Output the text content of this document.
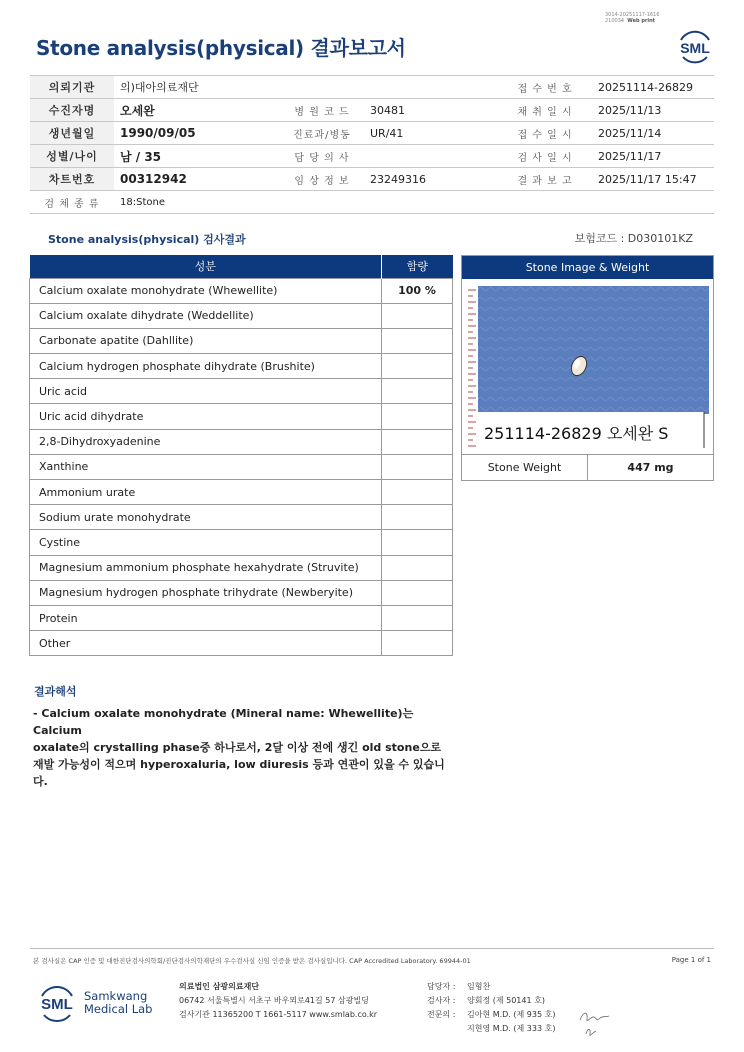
3014-20251117-1616
210034 Web print
Stone analysis(physical) 결과보고서	SML
의뢰기관	의)대아의료재단			접 수 번 호	20251114-26829
수진자명	오세완	병 원 코 드	30481	채 취 일 시	2025/11/13
생년월일	1990/09/05	진료과/병동	UR/41	접 수 일 시	2025/11/14
성별/나이	남 / 35	담 당 의 사		검 사 일 시	2025/11/17
차트번호	00312942	임 상 정 보	23249316	결 과 보 고	2025/11/17 15:47
검 체 종 류	18:Stone				
Stone analysis(physical) 검사결과	보험코드 : D030101KZ
성분	함량
Calcium oxalate monohydrate (Whewellite)	100 %
Calcium oxalate dihydrate (Weddellite)	
Carbonate apatite (Dahllite)	
Calcium hydrogen phosphate dihydrate (Brushite)	
Uric acid	
Uric acid dihydrate	
2,8-Dihydroxyadenine	
Xanthine	
Ammonium urate	
Sodium urate monohydrate	
Cystine	
Magnesium ammonium phosphate hexahydrate (Struvite)	
Magnesium hydrogen phosphate trihydrate (Newberyite)	
Protein	
Other	
Stone Image & Weight
251114-26829 오세완 S
Stone Weight	447 mg
결과해석
- Calcium oxalate monohydrate (Mineral name: Whewellite)는 Calcium
oxalate의 crystalling phase중 하나로서, 2달 이상 전에 생긴 old stone으로
재발 가능성이 적으며 hyperoxaluria, low diuresis 등과 연관이 있을 수 있습니다.
본 검사실은 CAP 인증 및 대한진단검사의학회/진단검사의학재단의 우수검사실 신임 인증을 받은 검사실입니다. CAP Accredited Laboratory. 69944-01	Page 1 of 1
SML Samkwang
Medical Lab
의료법인 삼광의료재단
06742 서울특별시 서초구 바우뫼로41길 57 삼광빌딩
검사기관 11365200 T 1661-5117 www.smlab.co.kr
담당자 : 임형찬
검사자 : 양회정 (제 50141 호)
전문의 : 김아현 M.D. (제 935 호)
지현영 M.D. (제 333 호)
